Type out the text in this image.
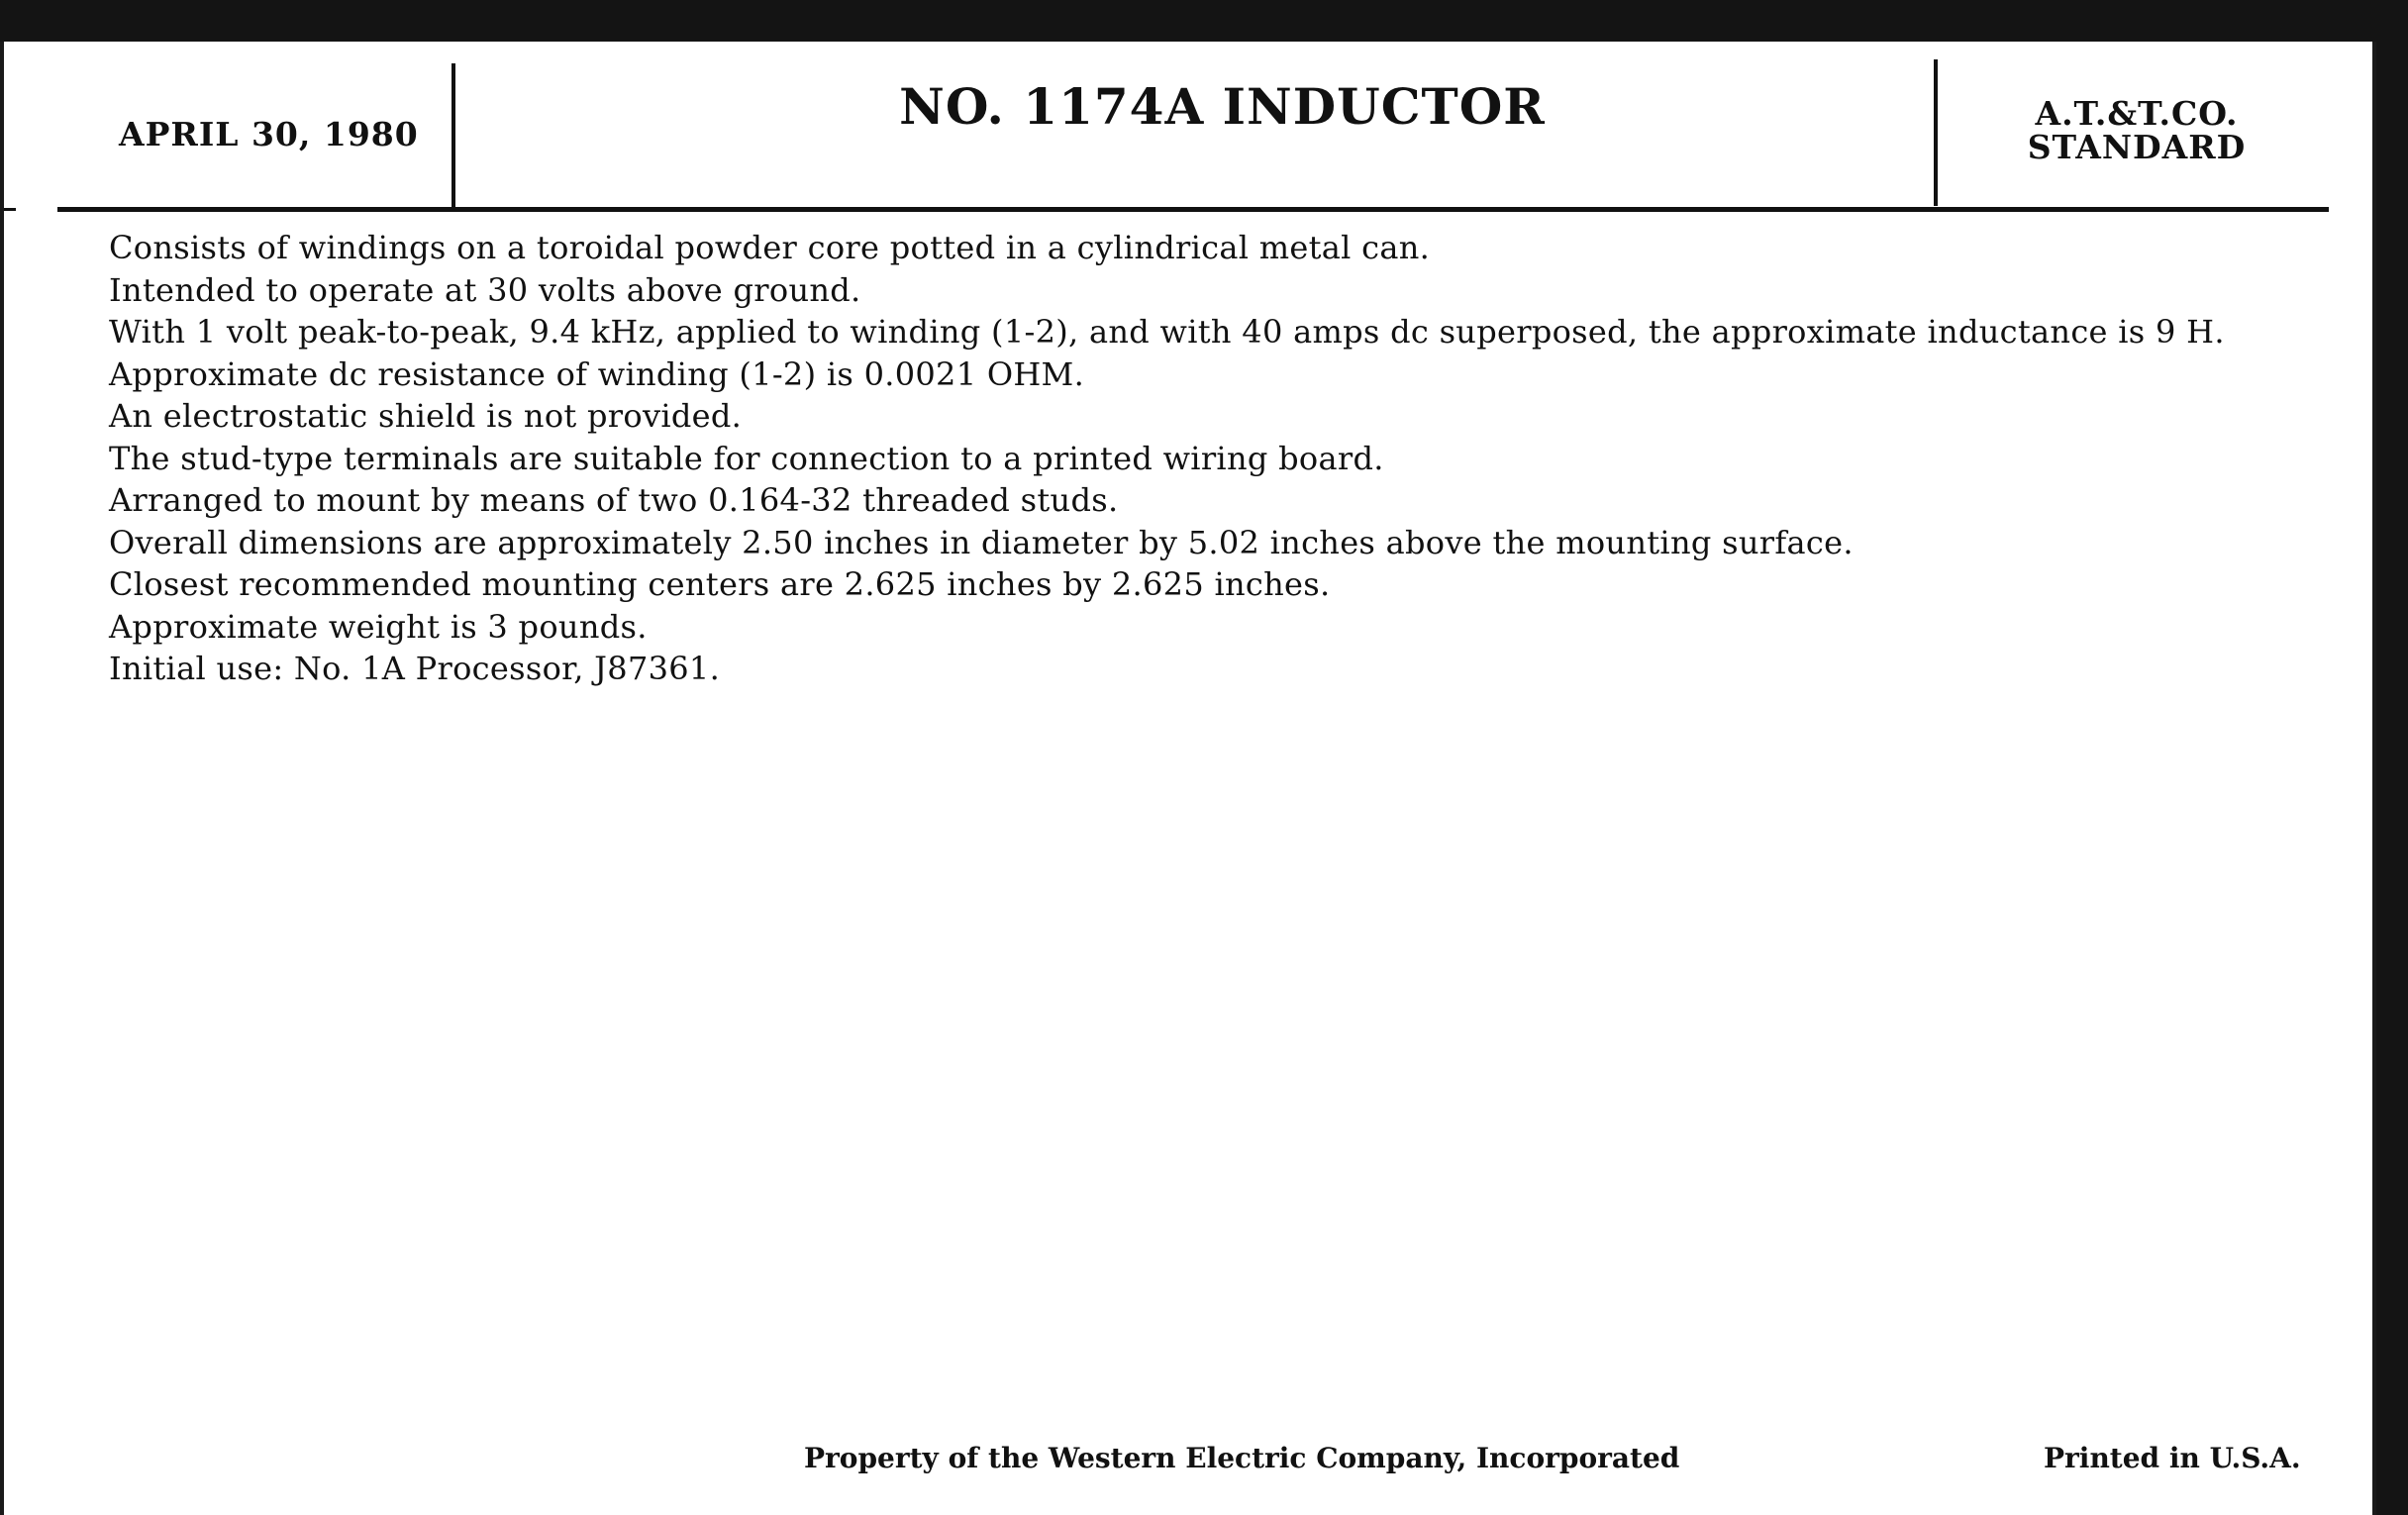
APRIL 30, 1980	NO. 1174A INDUCTOR	A.T.&T.CO.
STANDARD
Consists of windings on a toroidal powder core potted in a cylindrical metal can.
Intended to operate at 30 volts above ground.
With 1 volt peak-to-peak, 9.4 kHz, applied to winding (1-2), and with 40 amps dc superposed, the approximate inductance is 9 H.
Approximate dc resistance of winding (1-2) is 0.0021 OHM.
An electrostatic shield is not provided.
The stud-type terminals are suitable for connection to a printed wiring board.
Arranged to mount by means of two 0.164-32 threaded studs.
Overall dimensions are approximately 2.50 inches in diameter by 5.02 inches above the mounting surface.
Closest recommended mounting centers are 2.625 inches by 2.625 inches.
Approximate weight is 3 pounds.
Initial use: No. 1A Processor, J87361.
Property of the Western Electric Company, Incorporated	Printed in U.S.A.
